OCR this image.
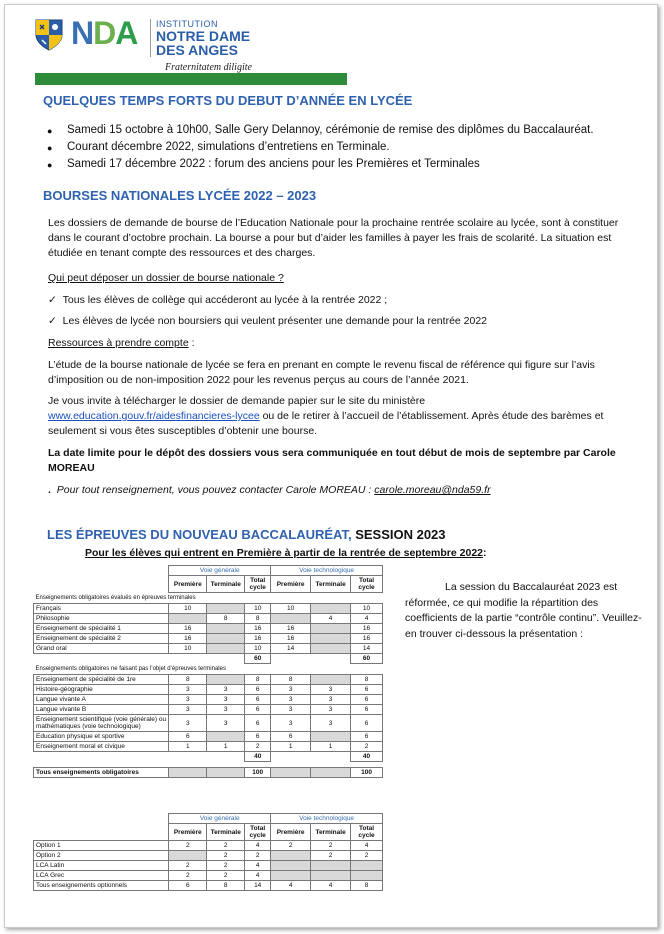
NDA INSTITUTION
NOTRE DAME DES ANGES
Fraternitatem diligite
QUELQUES TEMPS FORTS DU DEBUT D’ANNÉE EN LYCÉE
● Samedi 15 octobre à 10h00, Salle Gery Delannoy, cérémonie de remise des diplômes du Baccalauréat.
● Courant décembre 2022, simulations d’entretiens en Terminale.
● Samedi 17 décembre 2022 : forum des anciens pour les Premières et Terminales
BOURSES NATIONALES LYCÉE 2022 – 2023
Les dossiers de demande de bourse de l’Education Nationale pour la prochaine rentrée scolaire au lycée, sont à constituer dans le courant d’octobre prochain. La bourse a pour but d’aider les familles à payer les frais de scolarité. La situation est étudiée en tenant compte des ressources et des charges.
Qui peut déposer un dossier de bourse nationale ?
✓ Tous les élèves de collège qui accéderont au lycée à la rentrée 2022 ;
✓ Les élèves de lycée non boursiers qui veulent présenter une demande pour la rentrée 2022
Ressources à prendre compte :
L’étude de la bourse nationale de lycée se fera en prenant en compte le revenu fiscal de référence qui figure sur l’avis d’imposition ou de non-imposition 2022 pour les revenus perçus au cours de l’année 2021.
Je vous invite à télécharger le dossier de demande papier sur le site du ministère
www.education.gouv.fr/aidesfinancieres-lycee ou de le retirer à l’accueil de l’établissement. Après étude des barèmes et seulement si vous êtes susceptibles d’obtenir une bourse.
La date limite pour le dépôt des dossiers vous sera communiquée en tout début de mois de septembre par Carole MOREAU
. Pour tout renseignement, vous pouvez contacter Carole MOREAU : carole.moreau@nda59.fr
LES ÉPREUVES DU NOUVEAU BACCALAURÉAT, SESSION 2023
Pour les élèves qui entrent en Première à partir de la rentrée de septembre 2022:
	Voie générale			Voie technologique		
	Première	Terminale	Total cycle	Première	Terminale	Total cycle
Enseignements obligatoires évalués en épreuves terminales						
Français	10		10	10		10
Philosophie		8	8		4	4
Enseignement de spécialité 1	16		16	16		16
Enseignement de spécialité 2	16		16	16		16
Grand oral	10		10	14		14
			60			60
Enseignements obligatoires ne faisant pas l’objet d’épreuves terminales						
Enseignement de spécialité de 1re	8		8	8		8
Histoire-géographie	3	3	6	3	3	6
Langue vivante A	3	3	6	3	3	6
Langue vivante B	3	3	6	3	3	6
Enseignement scientifique (voie générale) ou mathématiques (voie technologique)	3	3	6	3	3	6
Education physique et sportive	6		6	6		6
Enseignement moral et civique	1	1	2	1	1	2
			40			40

Tous enseignements obligatoires			100			100
La session du Baccalauréat 2023 est réformée, ce qui modifie la répartition des coefficients de la partie “contrôle continu”. Veuillez-en trouver ci-dessous la présentation :
	Voie générale			Voie technologique		
	Première	Terminale	Total cycle	Première	Terminale	Total cycle
Option 1	2	2	4	2	2	4
Option 2		2	2		2	2
LCA Latin	2	2	4			
LCA Grec	2	2	4			
Tous enseignements optionnels	6	8	14	4	4	8
